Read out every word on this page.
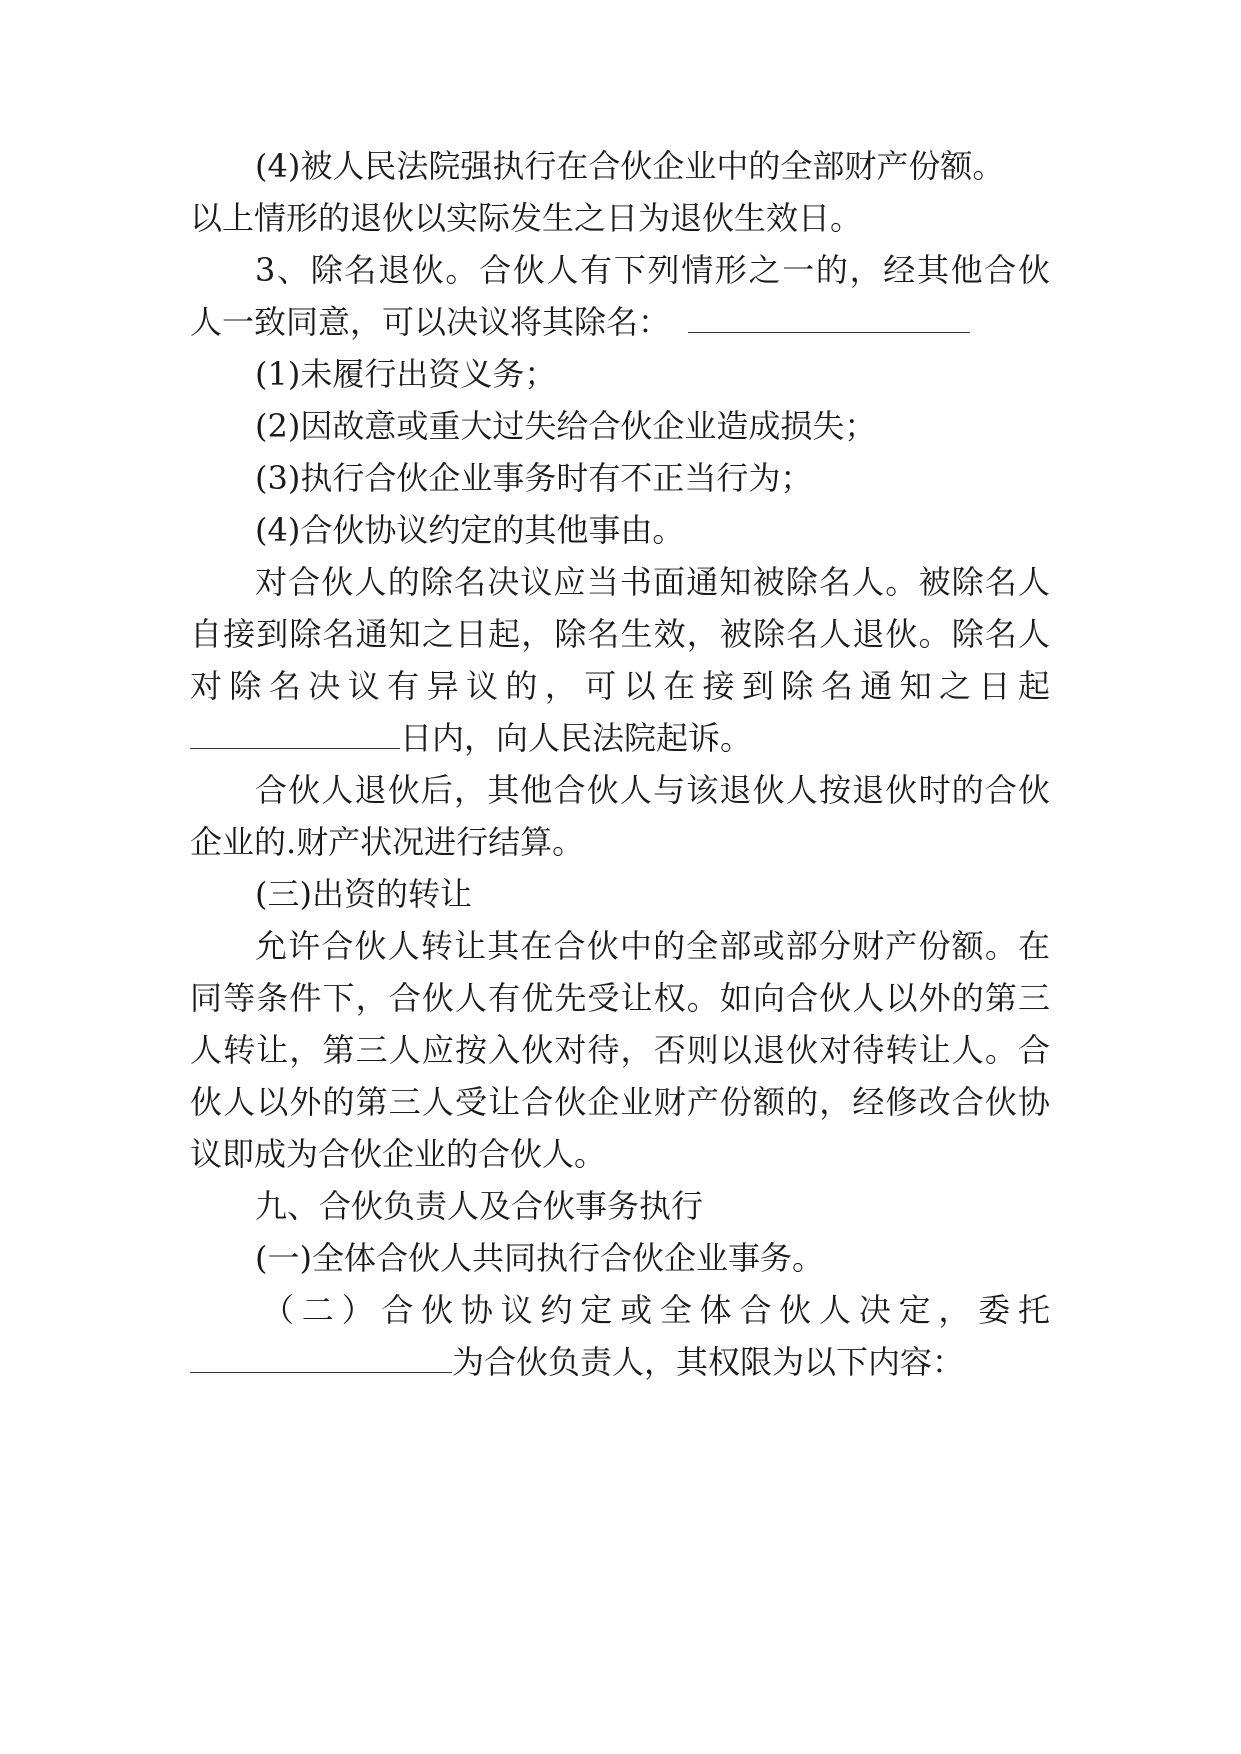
(4)被人民法院强执行在合伙企业中的全部财产份额。
以上情形的退伙以实际发生之日为退伙生效日。
3、除名退伙。合伙人有下列情形之一的，经其他合伙
人一致同意，可以决议将其除名：
(1)未履行出资义务；
(2)因故意或重大过失给合伙企业造成损失；
(3)执行合伙企业事务时有不正当行为；
(4)合伙协议约定的其他事由。
对合伙人的除名决议应当书面通知被除名人。被除名人
自接到除名通知之日起，除名生效，被除名人退伙。除名人
对除名决议有异议的，可以在接到除名通知之日起
日内，向人民法院起诉。
合伙人退伙后，其他合伙人与该退伙人按退伙时的合伙
企业的.财产状况进行结算。
(三)出资的转让
允许合伙人转让其在合伙中的全部或部分财产份额。在
同等条件下，合伙人有优先受让权。如向合伙人以外的第三
人转让，第三人应按入伙对待，否则以退伙对待转让人。合
伙人以外的第三人受让合伙企业财产份额的，经修改合伙协
议即成为合伙企业的合伙人。
九、合伙负责人及合伙事务执行
(一)全体合伙人共同执行合伙企业事务。
（二）合伙协议约定或全体合伙人决定，委托
为合伙负责人，其权限为以下内容：
